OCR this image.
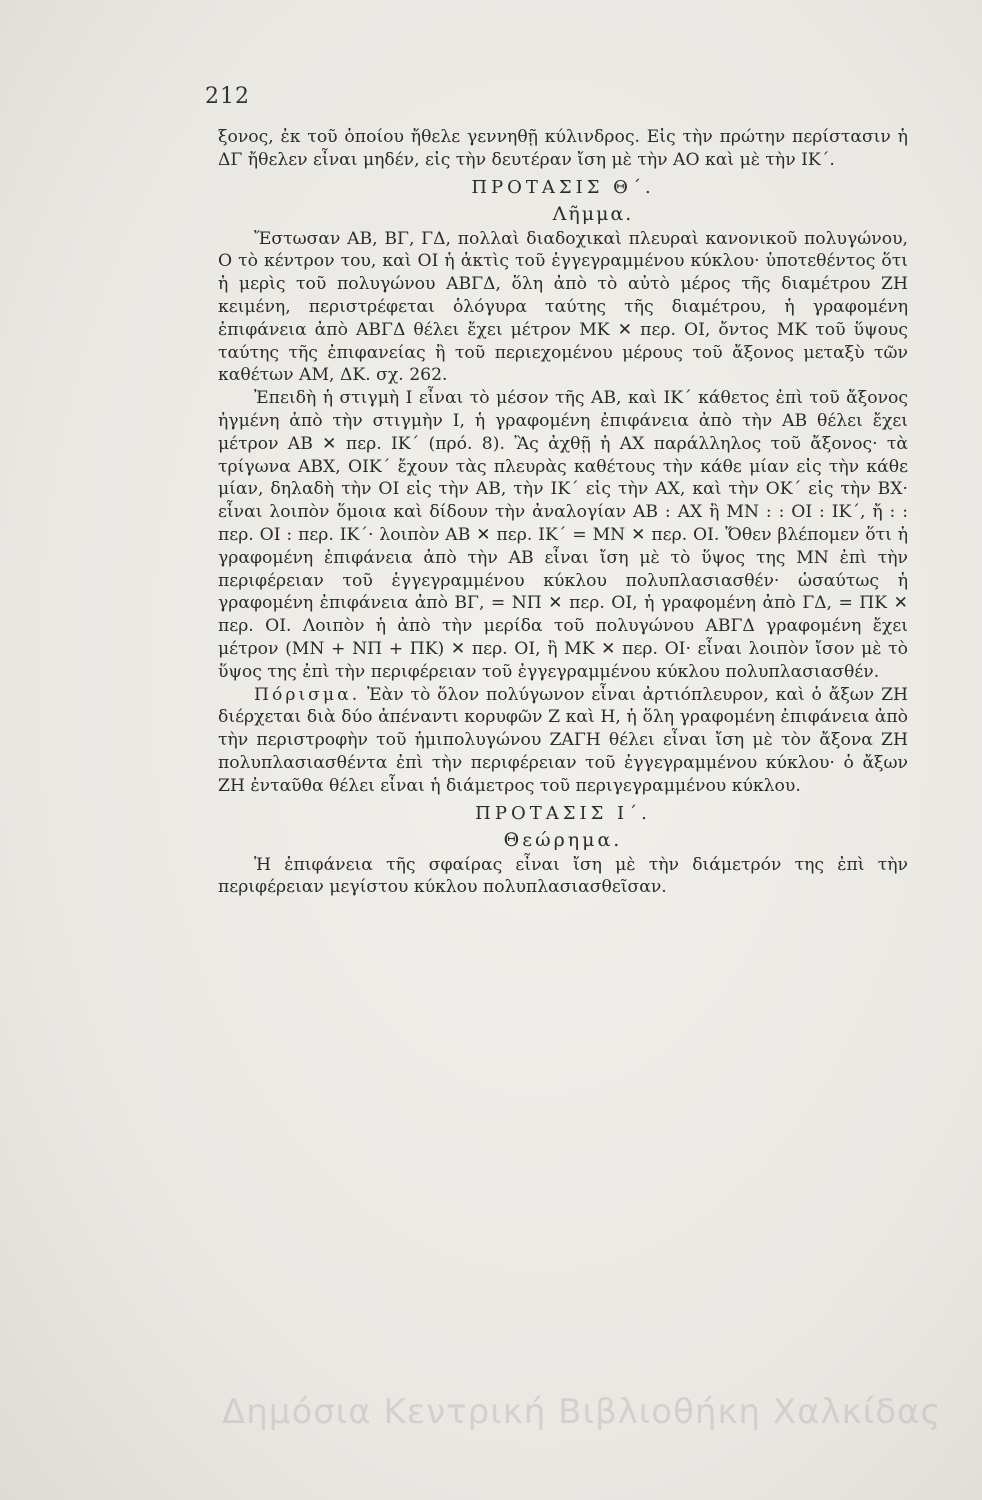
212

ξονος, ἐκ τοῦ ὁποίου ἤθελε γεννηθῇ κύλινδρος. Εἰς τὴν πρώτην περίστασιν ἡ ΔΓ ἤθελεν εἶναι μηδέν, εἰς τὴν δευτέραν ἴση μὲ τὴν ΑΟ καὶ μὲ τὴν ΙΚ΄.

ΠΡΟΤΑΣΙΣ Θ΄.

Λῆμμα.

Ἔστωσαν ΑΒ, ΒΓ, ΓΔ, πολλαὶ διαδοχικαὶ πλευραὶ κανονικοῦ πολυγώνου, Ο τὸ κέντρον του, καὶ ΟΙ ἡ ἀκτὶς τοῦ ἐγγεγραμμένου κύκλου· ὑποτεθέντος ὅτι ἡ μερὶς τοῦ πολυγώνου ΑΒΓΔ, ὅλη ἀπὸ τὸ αὐτὸ μέρος τῆς διαμέτρου ΖΗ κειμένη, περιστρέφεται ὁλόγυρα ταύτης τῆς διαμέτρου, ἡ γραφομένη ἐπιφάνεια ἀπὸ ΑΒΓΔ θέλει ἔχει μέτρον ΜΚ ✕ περ. ΟΙ, ὄντος ΜΚ τοῦ ὕψους ταύτης τῆς ἐπιφανείας ἢ τοῦ περιεχομένου μέρους τοῦ ἄξονος μεταξὺ τῶν καθέτων ΑΜ, ΔΚ. σχ. 262.

Ἐπειδὴ ἡ στιγμὴ Ι εἶναι τὸ μέσον τῆς ΑΒ, καὶ ΙΚ΄ κάθετος ἐπὶ τοῦ ἄξονος ἠγμένη ἀπὸ τὴν στιγμὴν Ι, ἡ γραφομένη ἐπιφάνεια ἀπὸ τὴν ΑΒ θέλει ἔχει μέτρον ΑΒ ✕ περ. ΙΚ΄ (πρό. 8). Ἂς ἀχθῇ ἡ ΑΧ παράλληλος τοῦ ἄξονος· τὰ τρίγωνα ΑΒΧ, ΟΙΚ΄ ἔχουν τὰς πλευρὰς καθέτους τὴν κάθε μίαν εἰς τὴν κάθε μίαν, δηλαδὴ τὴν ΟΙ εἰς τὴν ΑΒ, τὴν ΙΚ΄ εἰς τὴν ΑΧ, καὶ τὴν ΟΚ΄ εἰς τὴν ΒΧ· εἶναι λοιπὸν ὅμοια καὶ δίδουν τὴν ἀναλογίαν ΑΒ : ΑΧ ἢ ΜΝ : : ΟΙ : ΙΚ΄, ἤ : : περ. ΟΙ : περ. ΙΚ΄· λοιπὸν ΑΒ ✕ περ. ΙΚ΄ = ΜΝ ✕ περ. ΟΙ. Ὅθεν βλέπομεν ὅτι ἡ γραφομένη ἐπιφάνεια ἀπὸ τὴν ΑΒ εἶναι ἴση μὲ τὸ ὕψος της ΜΝ ἐπὶ τὴν περιφέρειαν τοῦ ἐγγεγραμμένου κύκλου πολυπλασιασθέν· ὡσαύτως ἡ γραφομένη ἐπιφάνεια ἀπὸ ΒΓ, = ΝΠ ✕ περ. ΟΙ, ἡ γραφομένη ἀπὸ ΓΔ, = ΠΚ ✕ περ. ΟΙ. Λοιπὸν ἡ ἀπὸ τὴν μερίδα τοῦ πολυγώνου ΑΒΓΔ γραφομένη ἔχει μέτρον (ΜΝ + ΝΠ + ΠΚ) ✕ περ. ΟΙ, ἢ ΜΚ ✕ περ. ΟΙ· εἶναι λοιπὸν ἴσον μὲ τὸ ὕψος της ἐπὶ τὴν περιφέρειαν τοῦ ἐγγεγραμμένου κύκλου πολυπλασιασθέν.

Πόρισμα. Ἐὰν τὸ ὅλον πολύγωνον εἶναι ἀρτιόπλευρον, καὶ ὁ ἄξων ΖΗ διέρχεται διὰ δύο ἀπέναντι κορυφῶν Ζ καὶ Η, ἡ ὅλη γραφομένη ἐπιφάνεια ἀπὸ τὴν περιστροφὴν τοῦ ἡμιπολυγώνου ΖΑΓΗ θέλει εἶναι ἴση μὲ τὸν ἄξονα ΖΗ πολυπλασιασθέντα ἐπὶ τὴν περιφέρειαν τοῦ ἐγγεγραμμένου κύκλου· ὁ ἄξων ΖΗ ἐνταῦθα θέλει εἶναι ἡ διάμετρος τοῦ περιγεγραμμένου κύκλου.

ΠΡΟΤΑΣΙΣ Ι΄.

Θεώρημα.

Ἡ ἐπιφάνεια τῆς σφαίρας εἶναι ἴση μὲ τὴν διάμετρόν της ἐπὶ τὴν περιφέρειαν μεγίστου κύκλου πολυπλασιασθεῖσαν.

Δημόσια Κεντρική Βιβλιοθήκη Χαλκίδας
